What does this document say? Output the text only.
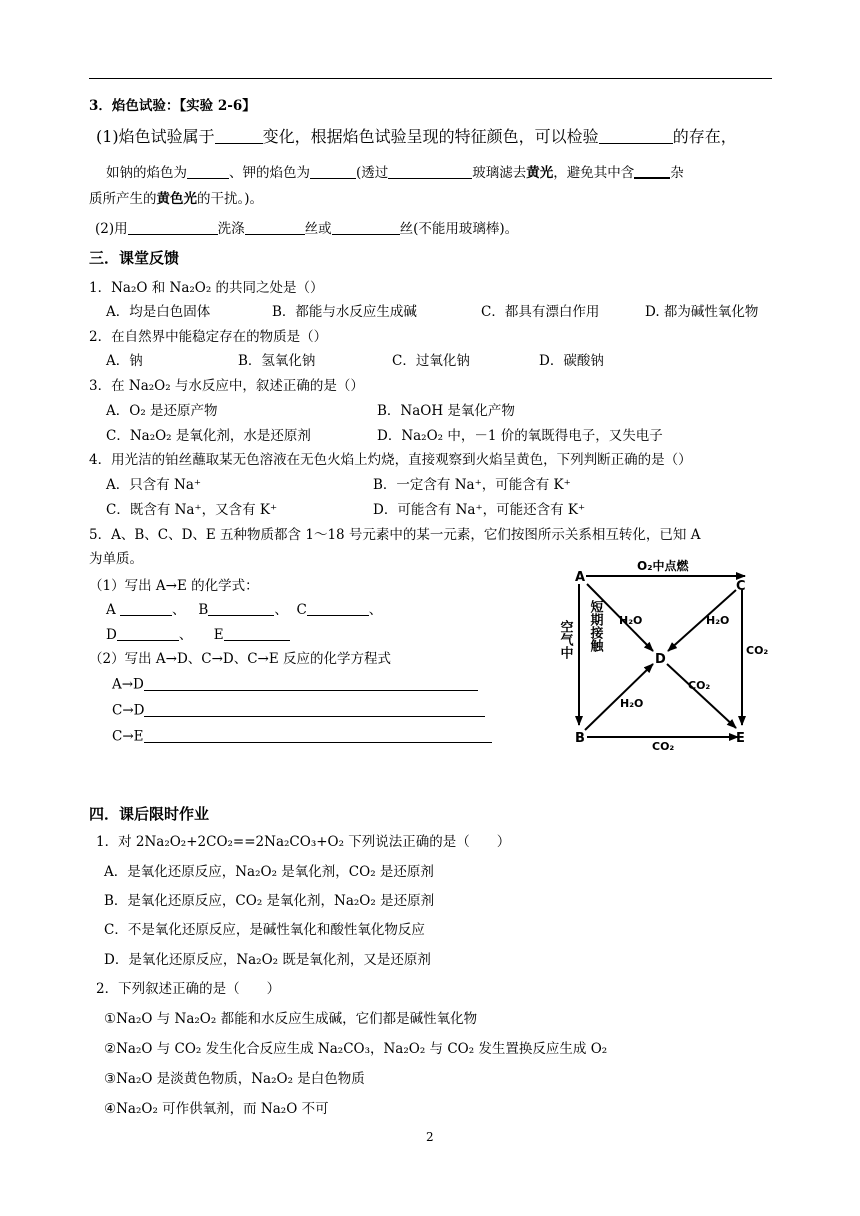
3．焰色试验：【实验 2-6】
(1)焰色试验属于	变化，根据焰色试验呈现的特征颜色，可以检验	的存在，
如钠的焰色为	、钾的焰色为	(透过	玻璃滤去黄光，避免其中含	杂
质所产生的黄色光的干扰。)。
(2)用	洗涤	丝或	丝(不能用玻璃棒)。
三．课堂反馈
1．Na₂O 和 Na₂O₂ 的共同之处是（）
A．均是白色固体	B．都能与水反应生成碱	C．都具有漂白作用	D. 都为碱性氧化物
2．在自然界中能稳定存在的物质是（）
A．钠	B．氢氧化钠	C．过氧化钠	D．碳酸钠
3．在 Na₂O₂ 与水反应中，叙述正确的是（）
A．O₂ 是还原产物	B．NaOH 是氧化产物
C．Na₂O₂ 是氧化剂，水是还原剂	D．Na₂O₂ 中，－1 价的氧既得电子，又失电子
4．用光洁的铂丝蘸取某无色溶液在无色火焰上灼烧，直接观察到火焰呈黄色，下列判断正确的是（）
A．只含有 Na⁺	B．一定含有 Na⁺，可能含有 K⁺
C．既含有 Na⁺，又含有 K⁺	D．可能含有 Na⁺，可能还含有 K⁺
5．A、B、C、D、E 五种物质都含 1～18 号元素中的某一元素，它们按图所示关系相互转化，已知 A
为单质。
（1）写出 A→E 的化学式：
A	、 B	、 C	、
D	、 E
（2）写出 A→D、C→D、C→E 反应的化学方程式
A→D
C→D
C→E
A
C
D
B	E
O₂中点燃
H₂O	H₂O
CO₂
CO₂
H₂O
CO₂
空气中 短期接触
四．课后限时作业
1．对 2Na₂O₂+2CO₂==2Na₂CO₃+O₂ 下列说法正确的是（　　）
A．是氧化还原反应，Na₂O₂ 是氧化剂，CO₂ 是还原剂
B．是氧化还原反应，CO₂ 是氧化剂，Na₂O₂ 是还原剂
C．不是氧化还原反应，是碱性氧化和酸性氧化物反应
D．是氧化还原反应，Na₂O₂ 既是氧化剂，又是还原剂
2．下列叙述正确的是（　　）
①Na₂O 与 Na₂O₂ 都能和水反应生成碱，它们都是碱性氧化物
②Na₂O 与 CO₂ 发生化合反应生成 Na₂CO₃，Na₂O₂ 与 CO₂ 发生置换反应生成 O₂
③Na₂O 是淡黄色物质，Na₂O₂ 是白色物质
④Na₂O₂ 可作供氧剂，而 Na₂O 不可
2
